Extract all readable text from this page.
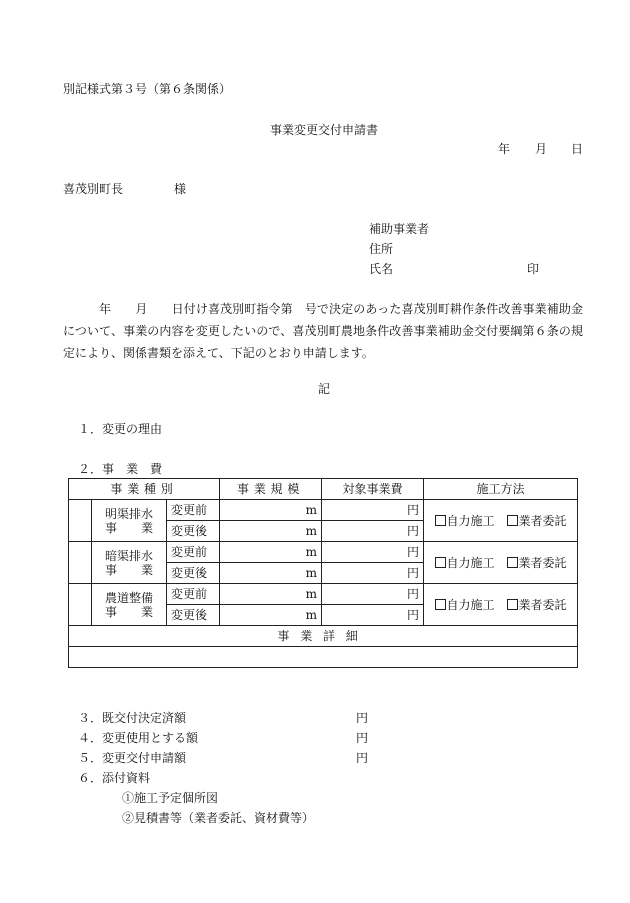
別記様式第３号（第６条関係）
事業変更交付申請書
年 月 日
喜茂別町長	様
補助事業者
住所
氏名	印
年　　 月　　 日付け喜茂別町指令第　号で決定のあった喜茂別町耕作条件改善事業補助金について、事業の内容を変更したいので、喜茂別町農地条件改善事業補助金交付要綱第６条の規定により、関係書類を添えて、下記のとおり申請します。
記
１．変更の理由
２．事　業　費
事業種別			事業規模	対象事業費	施工方法
	明渠排水
事　　業	変更前	m	円	自力施工　 業者委託
		変更後	m	円	
	暗渠排水
事　　業	変更前	m	円	自力施工　 業者委託
		変更後	m	円	
	農道整備
事　　業	変更前	m	円	自力施工　 業者委託
		変更後	m	円	
事業詳細					

３．既交付決定済額	円
４．変更使用とする額	円
５．変更交付申請額	円
６．添付資料
①施工予定個所図
②見積書等（業者委託、資材費等）
